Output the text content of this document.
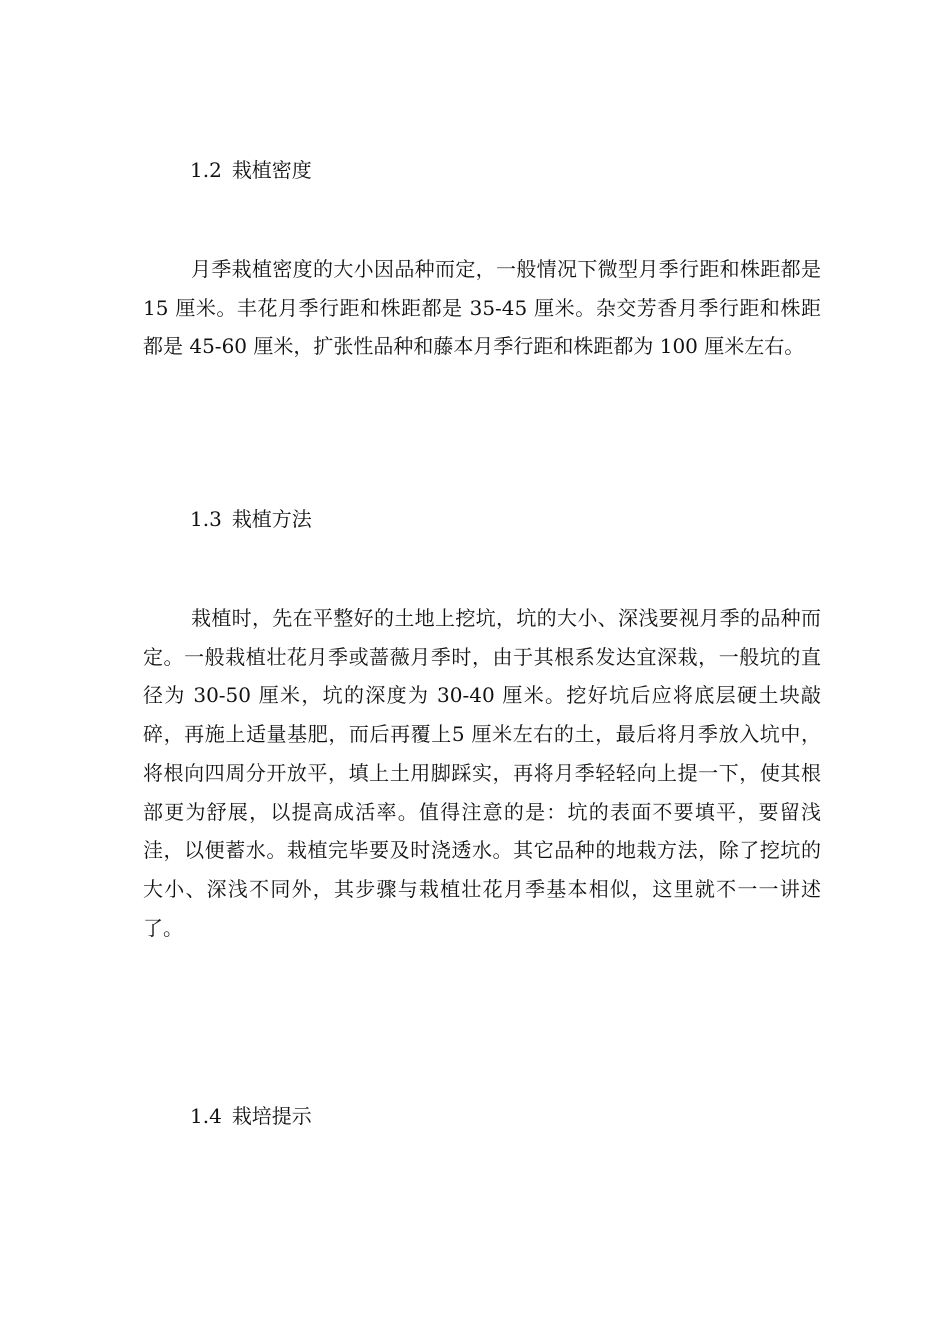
1.2 栽植密度

月季栽植密度的大小因品种而定，一般情况下微型月季行距和株距都是 15 厘米。丰花月季行距和株距都是 35-45 厘米。杂交芳香月季行距和株距都是 45-60 厘米，扩张性品种和藤本月季行距和株距都为 100 厘米左右。

1.3 栽植方法

栽植时，先在平整好的土地上挖坑，坑的大小、深浅要视月季的品种而定。一般栽植壮花月季或蔷薇月季时，由于其根系发达宜深栽，一般坑的直径为 30-50 厘米，坑的深度为 30-40 厘米。挖好坑后应将底层硬土块敲碎，再施上适量基肥，而后再覆上5 厘米左右的土，最后将月季放入坑中，将根向四周分开放平，填上土用脚踩实，再将月季轻轻向上提一下，使其根部更为舒展，以提高成活率。值得注意的是：坑的表面不要填平，要留浅洼，以便蓄水。栽植完毕要及时浇透水。其它品种的地栽方法，除了挖坑的大小、深浅不同外，其步骤与栽植壮花月季基本相似，这里就不一一讲述了。

1.4 栽培提示
